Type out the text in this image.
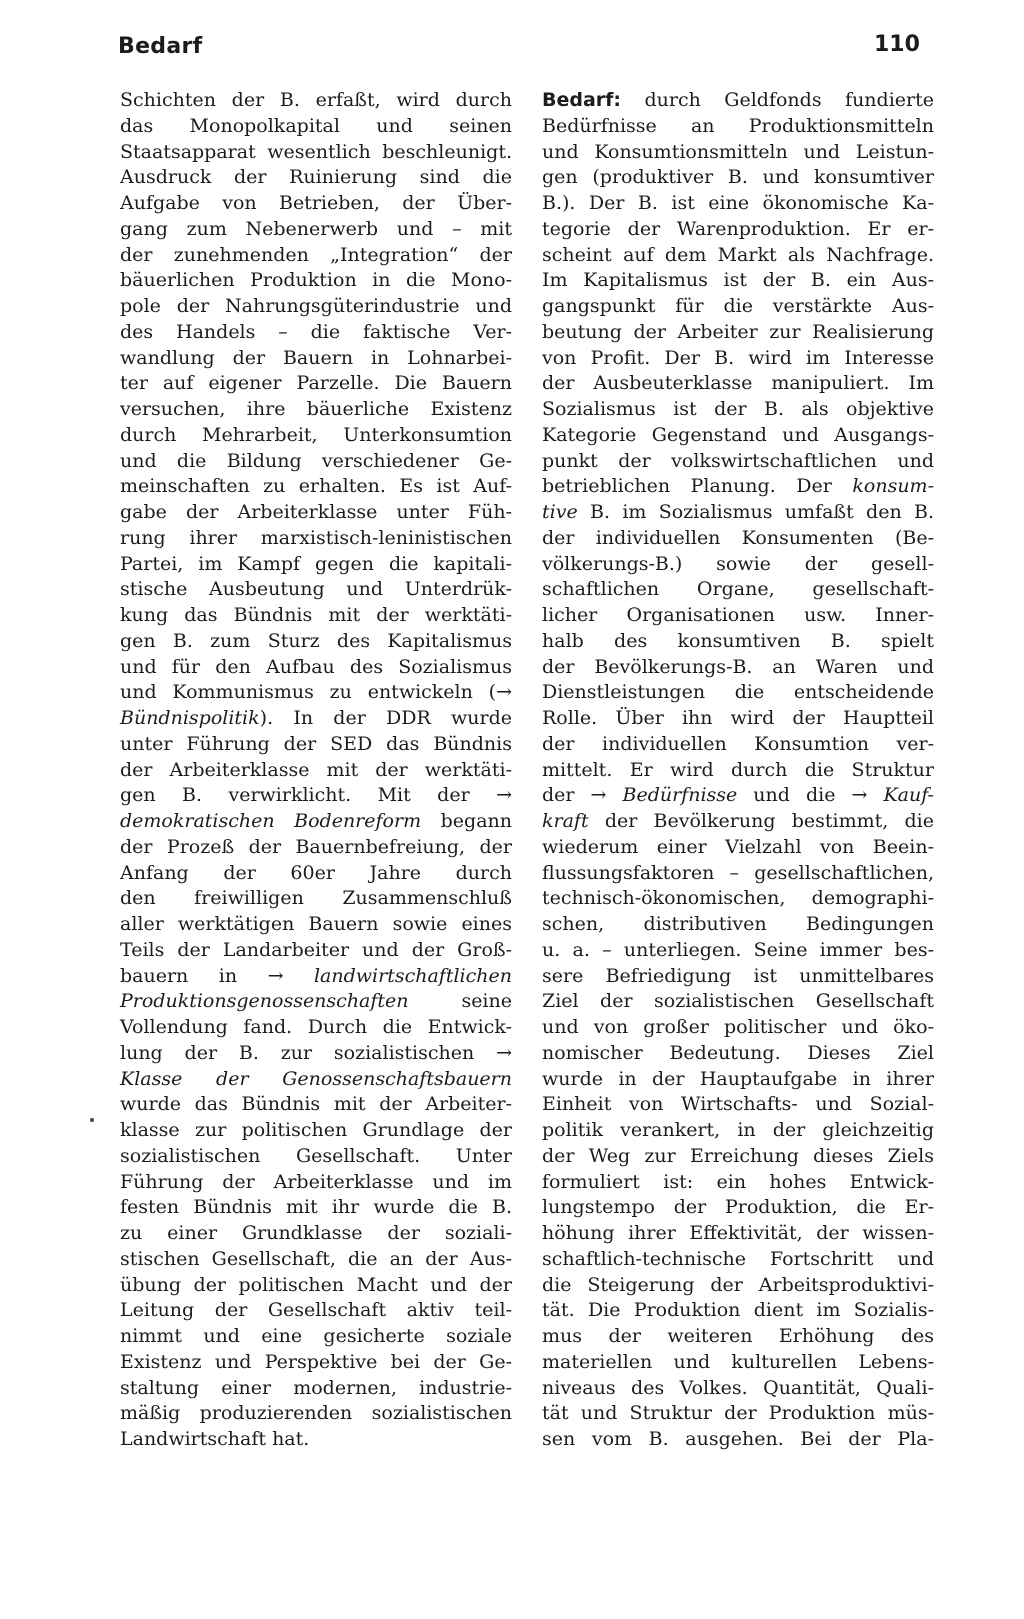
Bedarf	110
Schichten der B. erfaßt, wird durch
das Monopolkapital und seinen
Staatsapparat wesentlich beschleunigt.
Ausdruck der Ruinierung sind die
Aufgabe von Betrieben, der Über-
gang zum Nebenerwerb und – mit
der zunehmenden „Integration“ der
bäuerlichen Produktion in die Mono-
pole der Nahrungsgüterindustrie und
des Handels – die faktische Ver-
wandlung der Bauern in Lohnarbei-
ter auf eigener Parzelle. Die Bauern
versuchen, ihre bäuerliche Existenz
durch Mehrarbeit, Unterkonsumtion
und die Bildung verschiedener Ge-
meinschaften zu erhalten. Es ist Auf-
gabe der Arbeiterklasse unter Füh-
rung ihrer marxistisch-leninistischen
Partei, im Kampf gegen die kapitali-
stische Ausbeutung und Unterdrük-
kung das Bündnis mit der werktäti-
gen B. zum Sturz des Kapitalismus
und für den Aufbau des Sozialismus
und Kommunismus zu entwickeln (→
Bündnispolitik). In der DDR wurde
unter Führung der SED das Bündnis
der Arbeiterklasse mit der werktäti-
gen B. verwirklicht. Mit der →
demokratischen Bodenreform begann
der Prozeß der Bauernbefreiung, der
Anfang der 60er Jahre durch
den freiwilligen Zusammenschluß
aller werktätigen Bauern sowie eines
Teils der Landarbeiter und der Groß-
bauern in → landwirtschaftlichen
Produktionsgenossenschaften	seine
Vollendung fand. Durch die Entwick-
lung der B. zur sozialistischen →
Klasse der Genossenschaftsbauern
wurde das Bündnis mit der Arbeiter-
klasse zur politischen Grundlage der
sozialistischen Gesellschaft. Unter
Führung der Arbeiterklasse und im
festen Bündnis mit ihr wurde die B.
zu einer Grundklasse der soziali-
stischen Gesellschaft, die an der Aus-
übung der politischen Macht und der
Leitung der Gesellschaft aktiv teil-
nimmt und eine gesicherte soziale
Existenz und Perspektive bei der Ge-
staltung einer modernen, industrie-
mäßig produzierenden sozialistischen
Landwirtschaft hat.
Bedarf: durch Geldfonds fundierte
Bedürfnisse an Produktionsmitteln
und Konsumtionsmitteln und Leistun-
gen (produktiver B. und konsumtiver
B.). Der B. ist eine ökonomische Ka-
tegorie der Warenproduktion. Er er-
scheint auf dem Markt als Nachfrage.
Im Kapitalismus ist der B. ein Aus-
gangspunkt für die verstärkte Aus-
beutung der Arbeiter zur Realisierung
von Profit. Der B. wird im Interesse
der Ausbeuterklasse manipuliert. Im
Sozialismus ist der B. als objektive
Kategorie Gegenstand und Ausgangs-
punkt der volkswirtschaftlichen und
betrieblichen Planung. Der konsum-
tive B. im Sozialismus umfaßt den B.
der individuellen Konsumenten (Be-
völkerungs-B.) sowie der gesell-
schaftlichen Organe, gesellschaft-
licher Organisationen usw. Inner-
halb des konsumtiven B. spielt
der Bevölkerungs-B. an Waren und
Dienstleistungen die entscheidende
Rolle. Über ihn wird der Hauptteil
der individuellen Konsumtion ver-
mittelt. Er wird durch die Struktur
der → Bedürfnisse und die → Kauf-
kraft der Bevölkerung bestimmt, die
wiederum einer Vielzahl von Beein-
flussungsfaktoren – gesellschaftlichen,
technisch-ökonomischen, demographi-
schen, distributiven Bedingungen
u. a. – unterliegen. Seine immer bes-
sere Befriedigung ist unmittelbares
Ziel der sozialistischen Gesellschaft
und von großer politischer und öko-
nomischer Bedeutung. Dieses Ziel
wurde in der Hauptaufgabe in ihrer
Einheit von Wirtschafts- und Sozial-
politik verankert, in der gleichzeitig
der Weg zur Erreichung dieses Ziels
formuliert ist: ein hohes Entwick-
lungstempo der Produktion, die Er-
höhung ihrer Effektivität, der wissen-
schaftlich-technische Fortschritt und
die Steigerung der Arbeitsproduktivi-
tät. Die Produktion dient im Sozialis-
mus der weiteren Erhöhung des
materiellen und kulturellen Lebens-
niveaus des Volkes. Quantität, Quali-
tät und Struktur der Produktion müs-
sen vom B. ausgehen. Bei der Pla-
